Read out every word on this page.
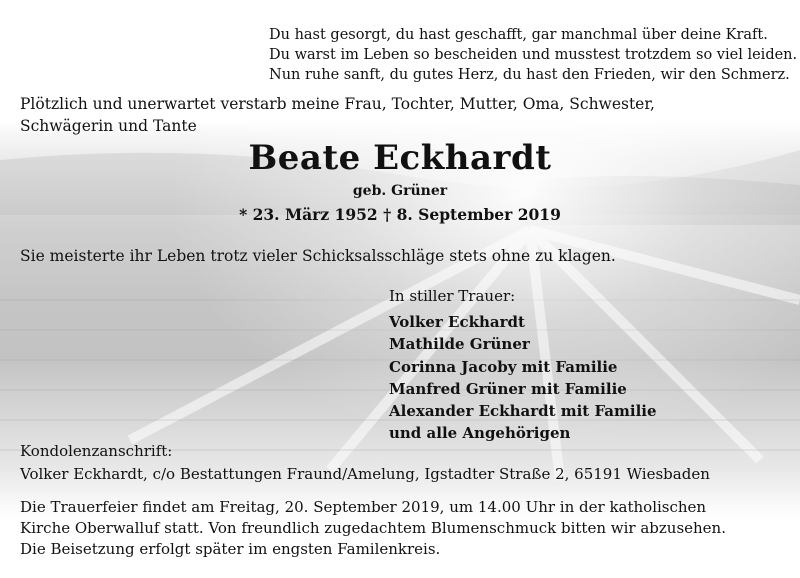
Du hast gesorgt, du hast geschafft, gar manchmal über deine Kraft.
Du warst im Leben so bescheiden und musstest trotzdem so viel leiden.
Nun ruhe sanft, du gutes Herz, du hast den Frieden, wir den Schmerz.
Plötzlich und unerwartet verstarb meine Frau, Tochter, Mutter, Oma, Schwester,
Schwägerin und Tante
Beate Eckhardt
geb. Grüner
* 23. März 1952 † 8. September 2019
Sie meisterte ihr Leben trotz vieler Schicksalsschläge stets ohne zu klagen.
In stiller Trauer:
Volker Eckhardt
Mathilde Grüner
Corinna Jacoby mit Familie
Manfred Grüner mit Familie
Alexander Eckhardt mit Familie
und alle Angehörigen
Kondolenzanschrift:
Volker Eckhardt, c/o Bestattungen Fraund/Amelung, Igstadter Straße 2, 65191 Wiesbaden
Die Trauerfeier findet am Freitag, 20. September 2019, um 14.00 Uhr in der katholischen
Kirche Oberwalluf statt. Von freundlich zugedachtem Blumenschmuck bitten wir abzusehen.
Die Beisetzung erfolgt später im engsten Familenkreis.
